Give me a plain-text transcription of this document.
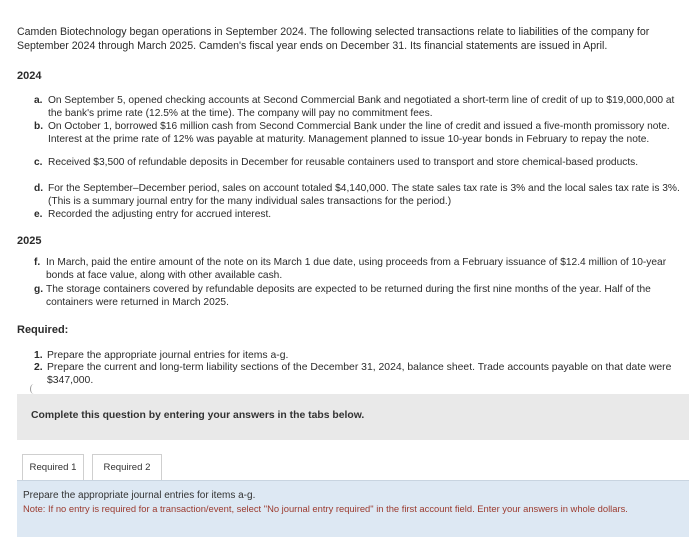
Camden Biotechnology began operations in September 2024. The following selected transactions relate to liabilities of the company for September 2024 through March 2025. Camden's fiscal year ends on December 31. Its financial statements are issued in April.
2024
a. On September 5, opened checking accounts at Second Commercial Bank and negotiated a short-term line of credit of up to $19,000,000 at the bank's prime rate (12.5% at the time). The company will pay no commitment fees.
b. On October 1, borrowed $16 million cash from Second Commercial Bank under the line of credit and issued a five-month promissory note. Interest at the prime rate of 12% was payable at maturity. Management planned to issue 10-year bonds in February to repay the note.
c. Received $3,500 of refundable deposits in December for reusable containers used to transport and store chemical-based products.
d. For the September–December period, sales on account totaled $4,140,000. The state sales tax rate is 3% and the local sales tax rate is 3%. (This is a summary journal entry for the many individual sales transactions for the period.)
e. Recorded the adjusting entry for accrued interest.
2025
f. In March, paid the entire amount of the note on its March 1 due date, using proceeds from a February issuance of $12.4 million of 10-year bonds at face value, along with other available cash.
g. The storage containers covered by refundable deposits are expected to be returned during the first nine months of the year. Half of the containers were returned in March 2025.
Required:
1. Prepare the appropriate journal entries for items a-g.
2. Prepare the current and long-term liability sections of the December 31, 2024, balance sheet. Trade accounts payable on that date were $347,000.
Complete this question by entering your answers in the tabs below.
Required 1	Required 2
Prepare the appropriate journal entries for items a-g.
Note: If no entry is required for a transaction/event, select "No journal entry required" in the first account field. Enter your answers in whole dollars.
